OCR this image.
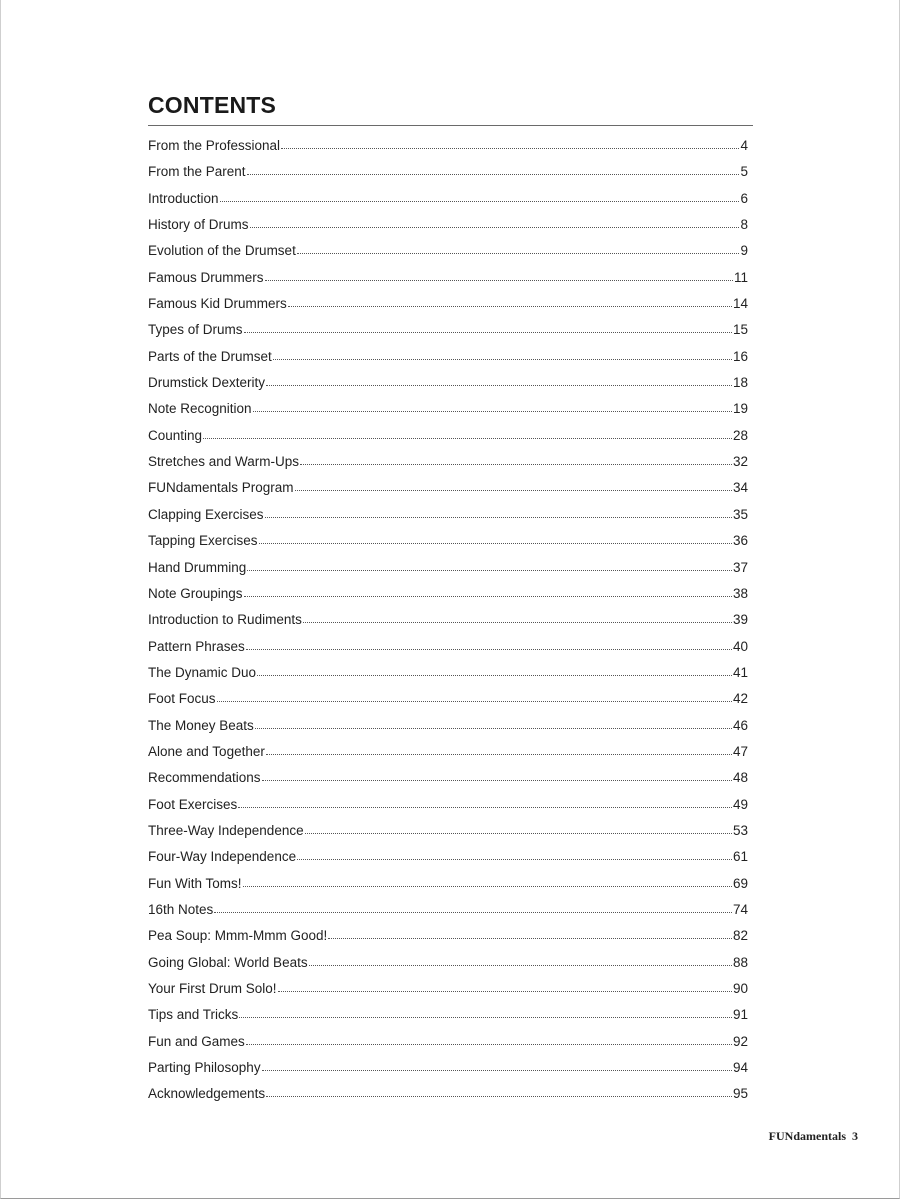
CONTENTS
From the Professional	4
From the Parent	5
Introduction	6
History of Drums	8
Evolution of the Drumset	9
Famous Drummers	11
Famous Kid Drummers	14
Types of Drums	15
Parts of the Drumset	16
Drumstick Dexterity	18
Note Recognition	19
Counting	28
Stretches and Warm-Ups	32
FUNdamentals Program	34
Clapping Exercises	35
Tapping Exercises	36
Hand Drumming	37
Note Groupings	38
Introduction to Rudiments	39
Pattern Phrases	40
The Dynamic Duo	41
Foot Focus	42
The Money Beats	46
Alone and Together	47
Recommendations	48
Foot Exercises	49
Three-Way Independence	53
Four-Way Independence	61
Fun With Toms!	69
16th Notes	74
Pea Soup: Mmm-Mmm Good!	82
Going Global: World Beats	88
Your First Drum Solo!	90
Tips and Tricks	91
Fun and Games	92
Parting Philosophy	94
Acknowledgements	95
FUNdamentals 3
